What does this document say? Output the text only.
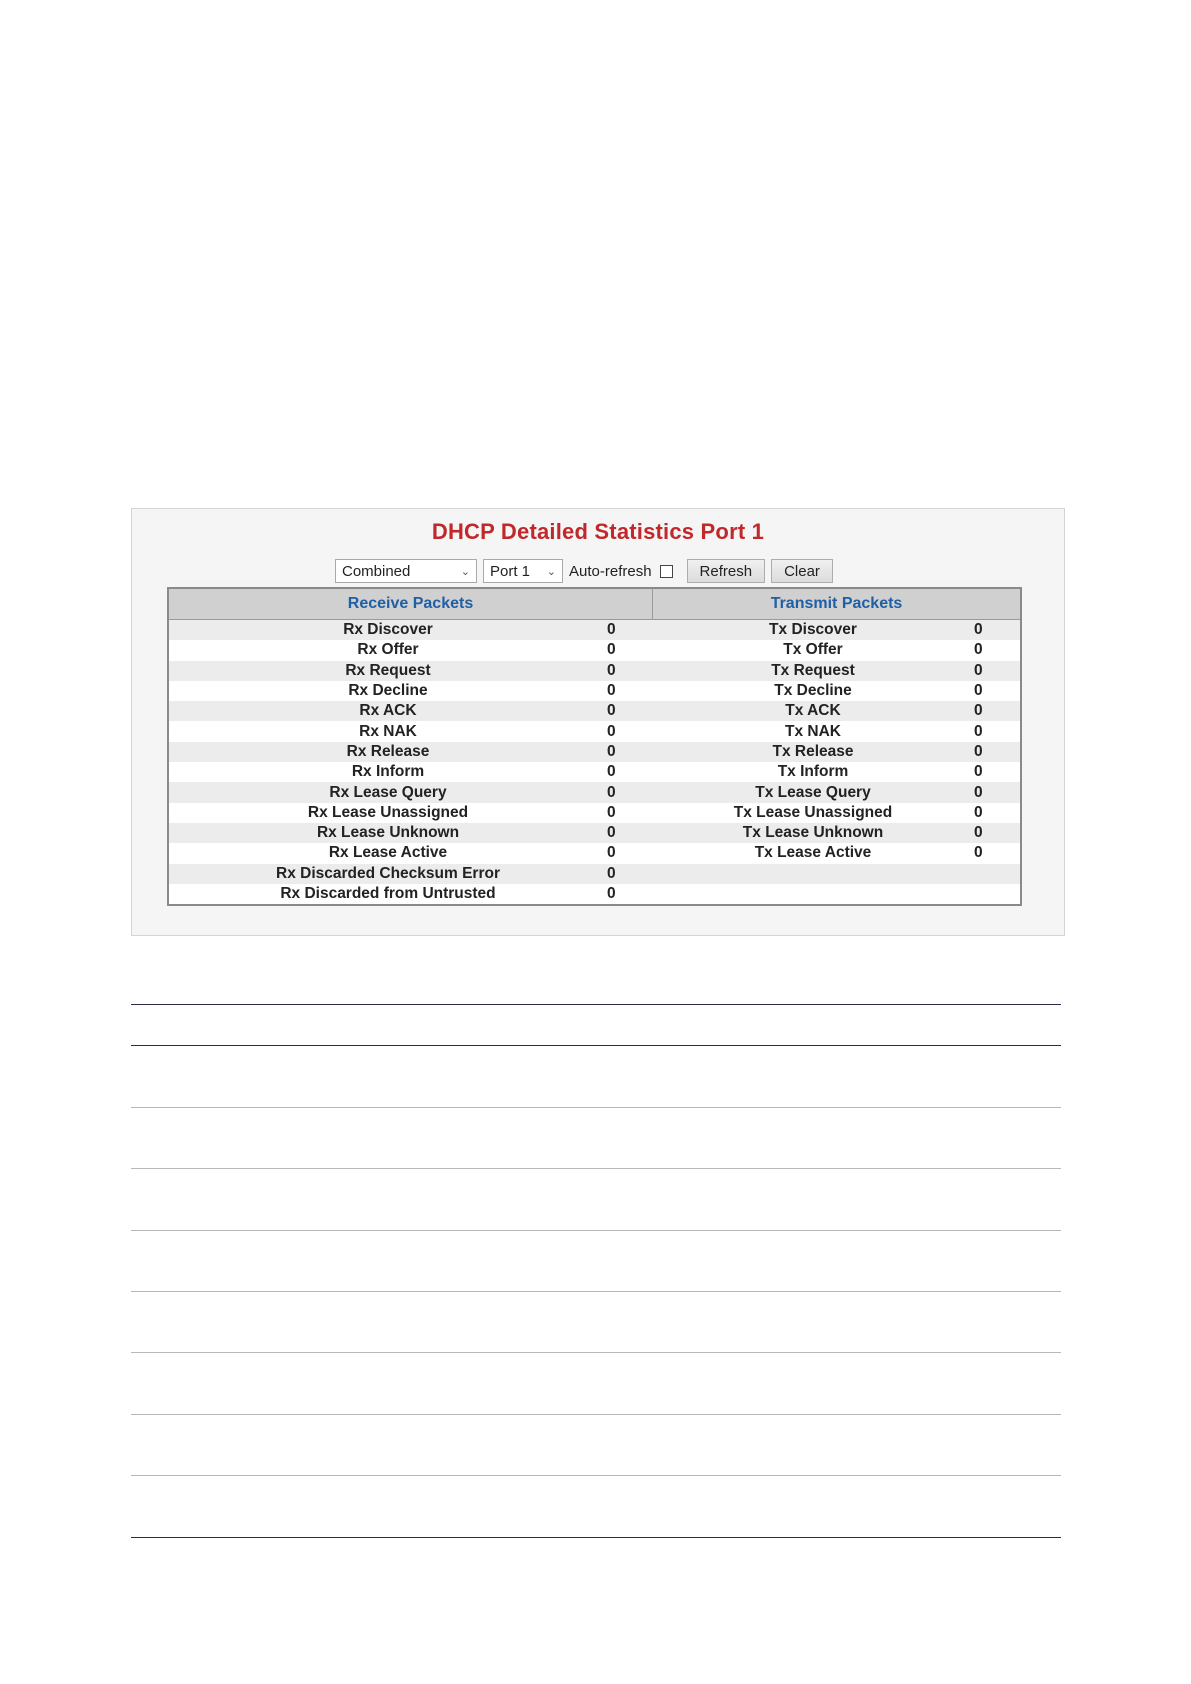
DHCP Detailed Statistics Port 1
Combined	⌄ Port 1 ⌄ Auto-refresh	Refresh	Clear
Receive Packets	Transmit Packets
Rx Discover	0	Tx Discover	0
Rx Offer	0	Tx Offer	0
Rx Request	0	Tx Request	0
Rx Decline	0	Tx Decline	0
Rx ACK	0	Tx ACK	0
Rx NAK	0	Tx NAK	0
Rx Release	0	Tx Release	0
Rx Inform	0	Tx Inform	0
Rx Lease Query	0	Tx Lease Query	0
Rx Lease Unassigned	0	Tx Lease Unassigned	0
Rx Lease Unknown	0	Tx Lease Unknown	0
Rx Lease Active	0	Tx Lease Active	0
Rx Discarded Checksum Error	0
Rx Discarded from Untrusted	0
